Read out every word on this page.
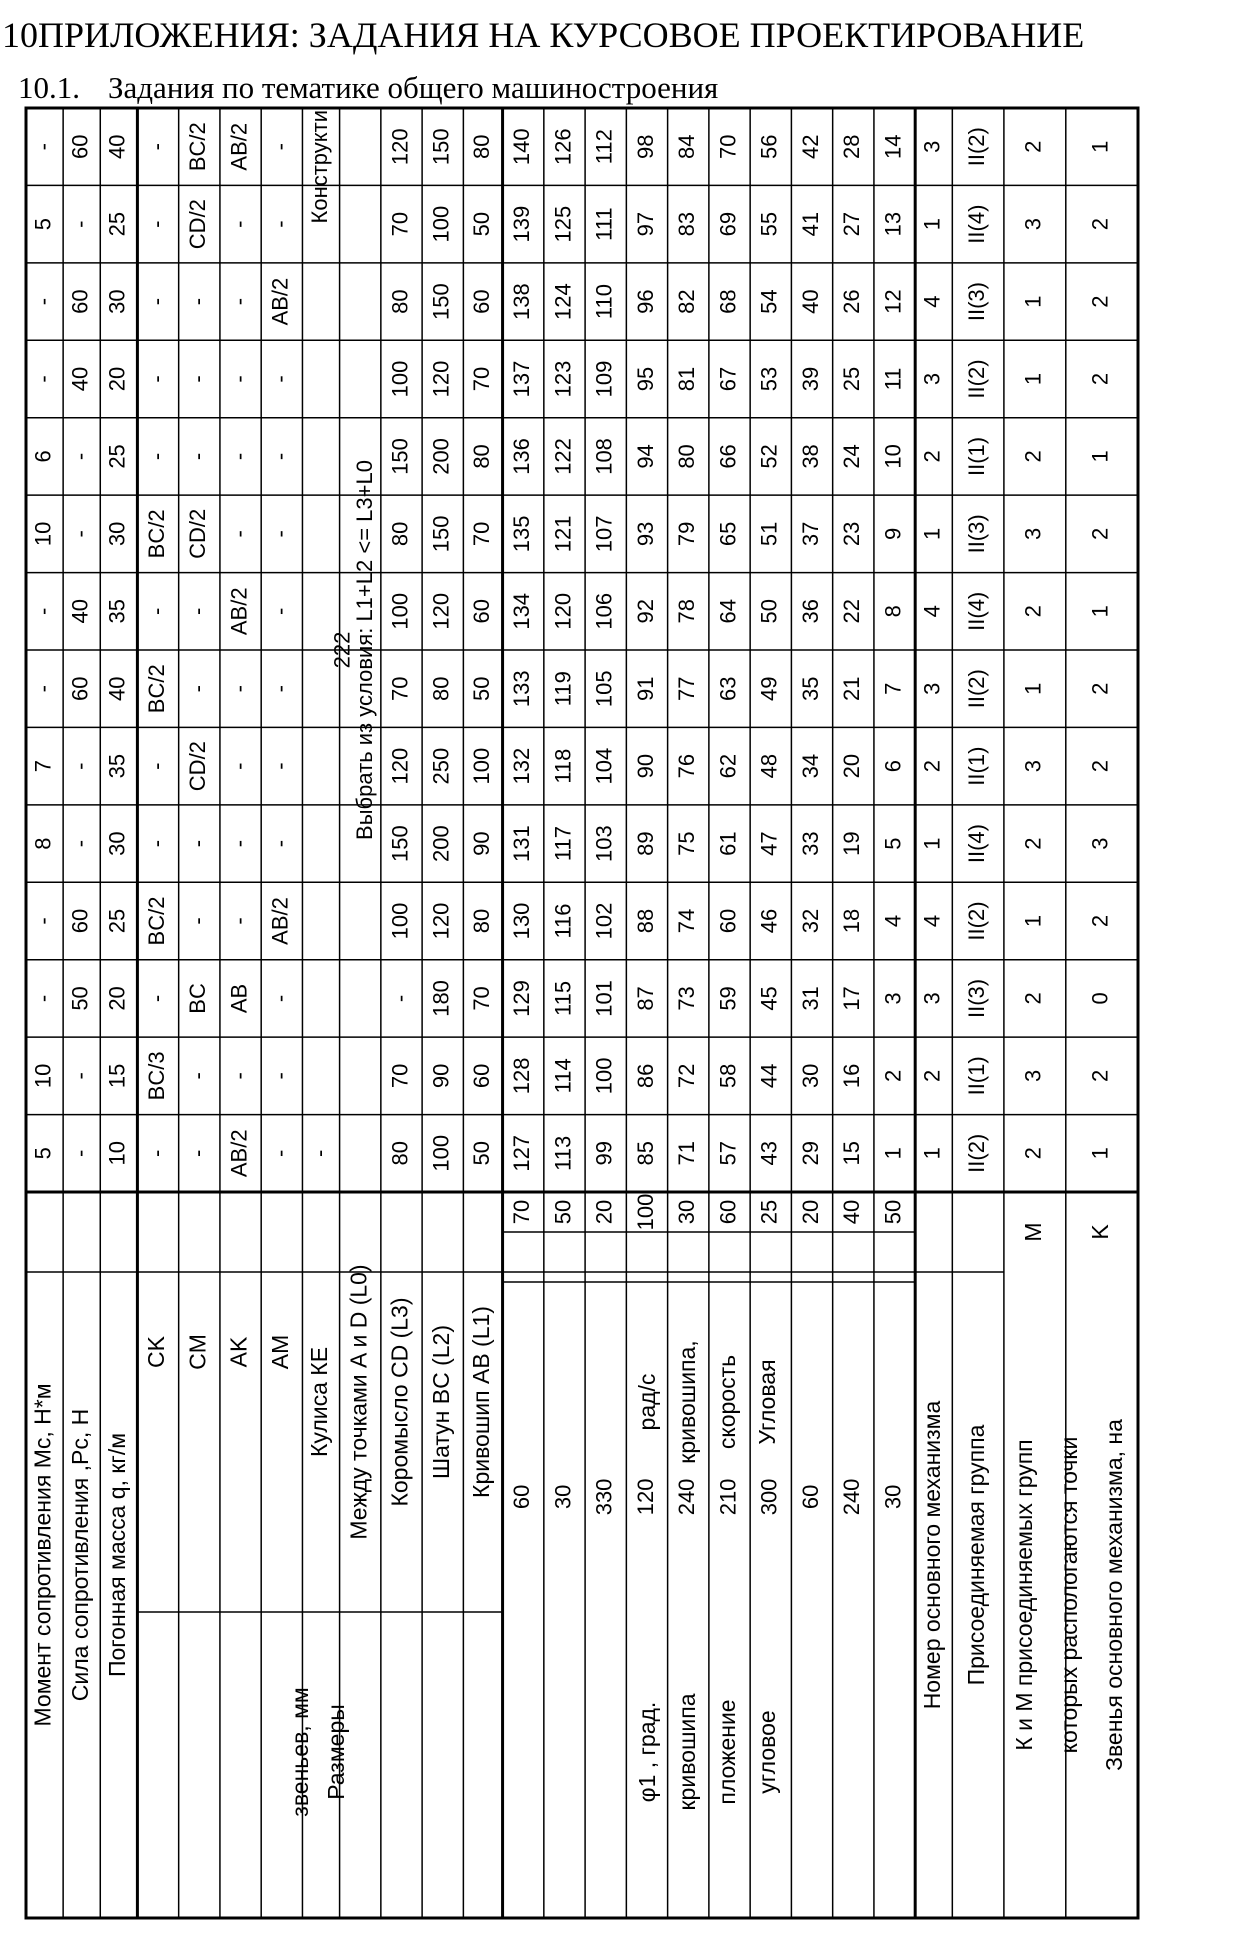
10ПРИЛОЖЕНИЯ: ЗАДАНИЯ НА КУРСОВОЕ ПРОЕКТИРОВАНИЕ
10.1. Задания по тематике общего машиностроения
1
2
II(2)
1
1
15
29
43
57
71
85
99
113
127
50
100
80
-
-
AB/2
-
-
10
-
5
2
3
II(1)
2
2
16
30
44
58
72
86
100
114
128
60
90
70
-
-
-
BC/3
15
-
10
0
2
II(3)
3
3
17
31
45
59
73
87
101
115
129
70
180
-
-
AB
BC
-
20
50
-
2
1
II(2)
4
4
18
32
46
60
74
88
102
116
130
80
120
100
AB/2
-
-
BC/2
25
60
-
3
2
II(4)
1
5
19
33
47
61
75
89
103
117
131
90
200
150
-
-
-
-
30
-
8
2
3
II(1)
2
6
20
34
48
62
76
90
104
118
132
100
250
120
-
-
CD/2
-
35
-
7
2
1
II(2)
3
7
21
35
49
63
77
91
105
119
133
50
80
70
-
-
-
BC/2
40
60
-
1
2
II(4)
4
8
22
36
50
64
78
92
106
120
134
60
120
100
-
AB/2
-
-
35
40
-
2
3
II(3)
1
9
23
37
51
65
79
93
107
121
135
70
150
80
-
-
CD/2
BC/2
30
-
10
1
2
II(1)
2
10
24
38
52
66
80
94
108
122
136
80
200
150
-
-
-
-
25
-
6
2
1
II(2)
3
11
25
39
53
67
81
95
109
123
137
70
120
100
-
-
-
-
20
40
-
2
1
II(3)
4
12
26
40
54
68
82
96
110
124
138
60
150
80
AB/2
-
-
-
30
60
-
2
3
II(4)
1
13
27
41
55
69
83
97
111
125
139
50
100
70
-
-
CD/2
-
25
-
5
1
2
II(2)
3
14
28
42
56
70
84
98
112
126
140
80
150
120
-
AB/2
BC/2
-
40
60
-
Выбрать из условия: L1+L2 <= L3+L0
222
Конструкти
K
M
Звенья основного механизма, на
которых распологаются точки
К и М присоединяемых групп
Присоединяемая группа
Номер основного механизма
50
40
20
25
60
30
100
20
50
70
30
240
60
300
210
240
120
330
30
60
Угловая
скорость
кривошипа,
рад/с
угловое
пложение
кривошипа
φ1 , град.
Кривошип AB (L1)
Шатун BC (L2)
Коромысло CD (L3)
Между точками A и D (L0)
Кулиса КЕ
AM
AK
CM
CK
Размеры
звеньев, мм
Погонная масса q, кг/м
Сила сопротивления ,Pc, H
Момент сопротивления Mc, H*м
